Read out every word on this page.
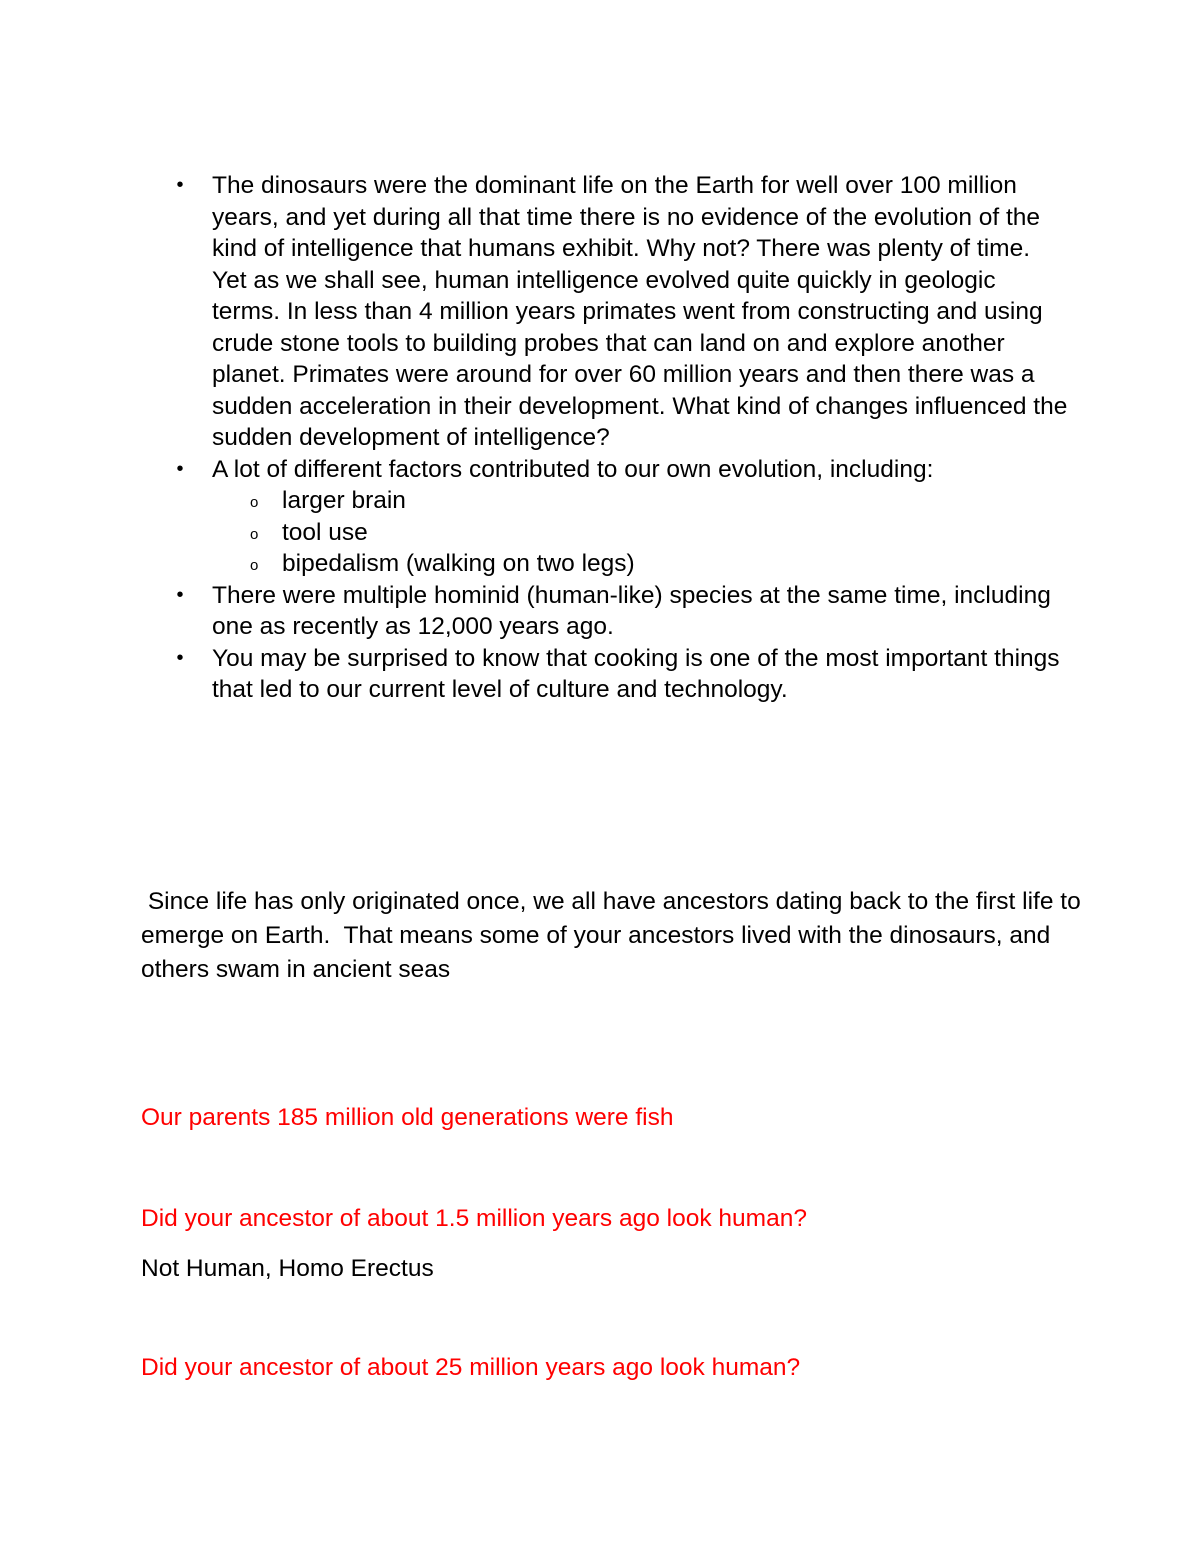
• The dinosaurs were the dominant life on the Earth for well over 100 million years, and yet during all that time there is no evidence of the evolution of the kind of intelligence that humans exhibit. Why not? There was plenty of time. Yet as we shall see, human intelligence evolved quite quickly in geologic terms. In less than 4 million years primates went from constructing and using crude stone tools to building probes that can land on and explore another planet. Primates were around for over 60 million years and then there was a sudden acceleration in their development. What kind of changes influenced the sudden development of intelligence?
• A lot of different factors contributed to our own evolution, including:
o larger brain
o tool use
o bipedalism (walking on two legs)
• There were multiple hominid (human-like) species at the same time, including one as recently as 12,000 years ago.
• You may be surprised to know that cooking is one of the most important things that led to our current level of culture and technology.

Since life has only originated once, we all have ancestors dating back to the first life to emerge on Earth.  That means some of your ancestors lived with the dinosaurs, and others swam in ancient seas

Our parents 185 million old generations were fish

Did your ancestor of about 1.5 million years ago look human?

Not Human, Homo Erectus

Did your ancestor of about 25 million years ago look human?
